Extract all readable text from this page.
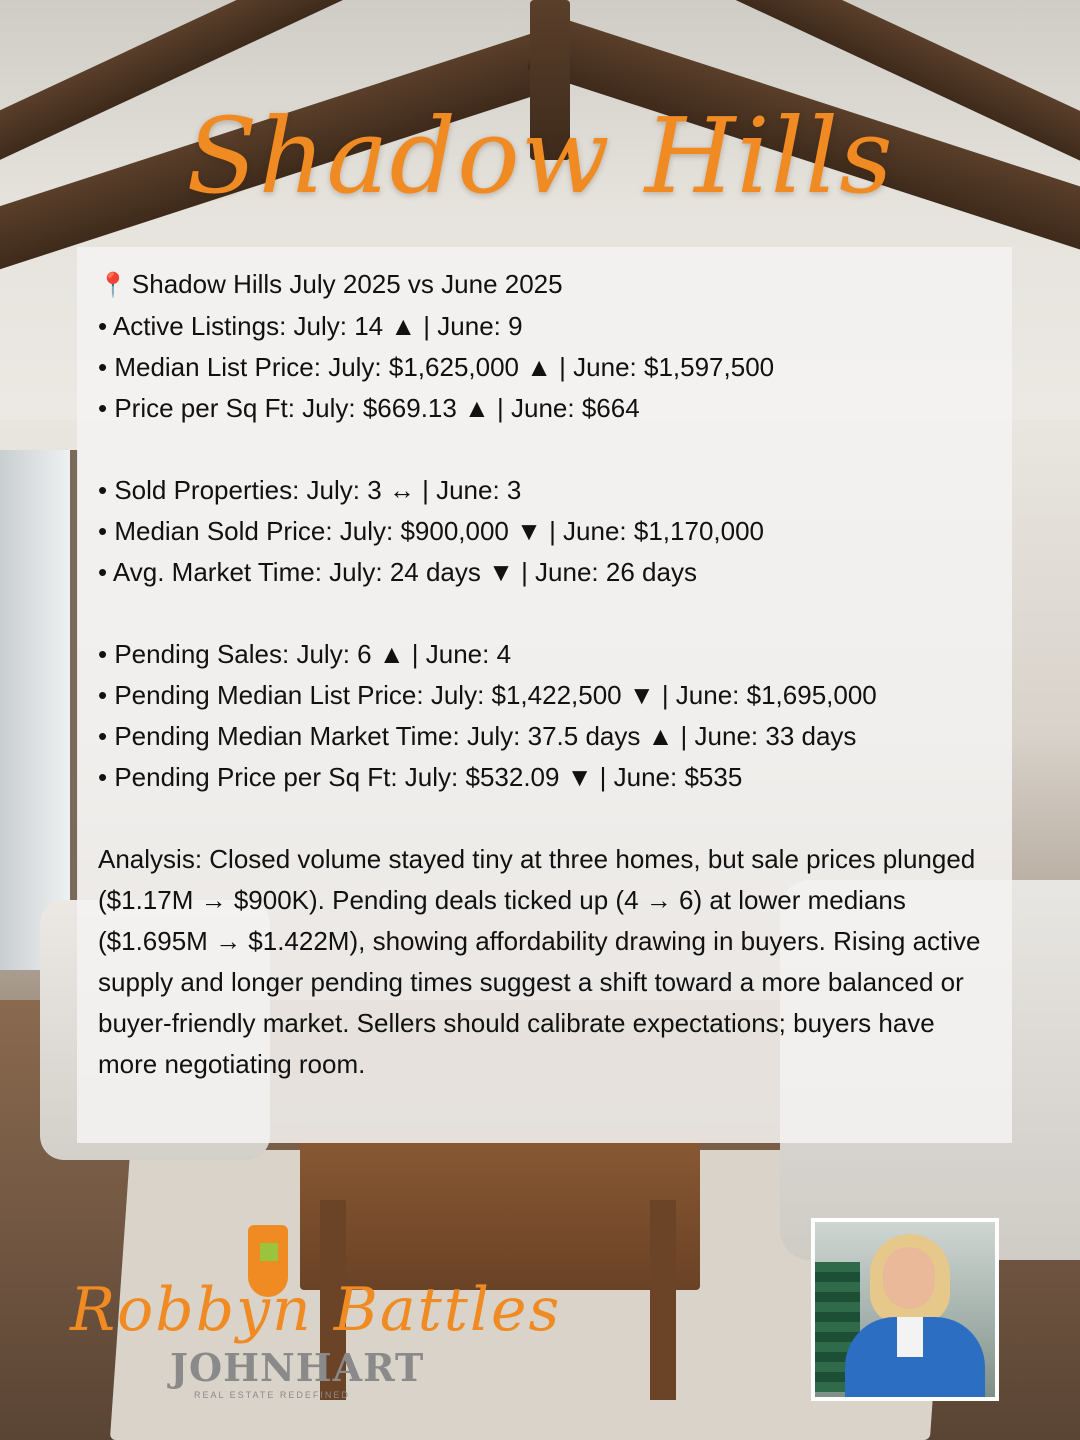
Shadow Hills
📍 Shadow Hills July 2025 vs June 2025
• Active Listings: July: 14 ▲ | June: 9
• Median List Price: July: $1,625,000 ▲ | June: $1,597,500
• Price per Sq Ft: July: $669.13 ▲ | June: $664
• Sold Properties: July: 3 ↔ | June: 3
• Median Sold Price: July: $900,000 ▼ | June: $1,170,000
• Avg. Market Time: July: 24 days ▼ | June: 26 days
• Pending Sales: July: 6 ▲ | June: 4
• Pending Median List Price: July: $1,422,500 ▼ | June: $1,695,000
• Pending Median Market Time: July: 37.5 days ▲ | June: 33 days
• Pending Price per Sq Ft: July: $532.09 ▼ | June: $535
Analysis: Closed volume stayed tiny at three homes, but sale prices plunged ($1.17M → $900K). Pending deals ticked up (4 → 6) at lower medians ($1.695M → $1.422M), showing affordability drawing in buyers. Rising active supply and longer pending times suggest a shift toward a more balanced or buyer-friendly market. Sellers should calibrate expectations; buyers have more negotiating room.
Robbyn Battles
JOHNHART
REAL ESTATE REDEFINED
